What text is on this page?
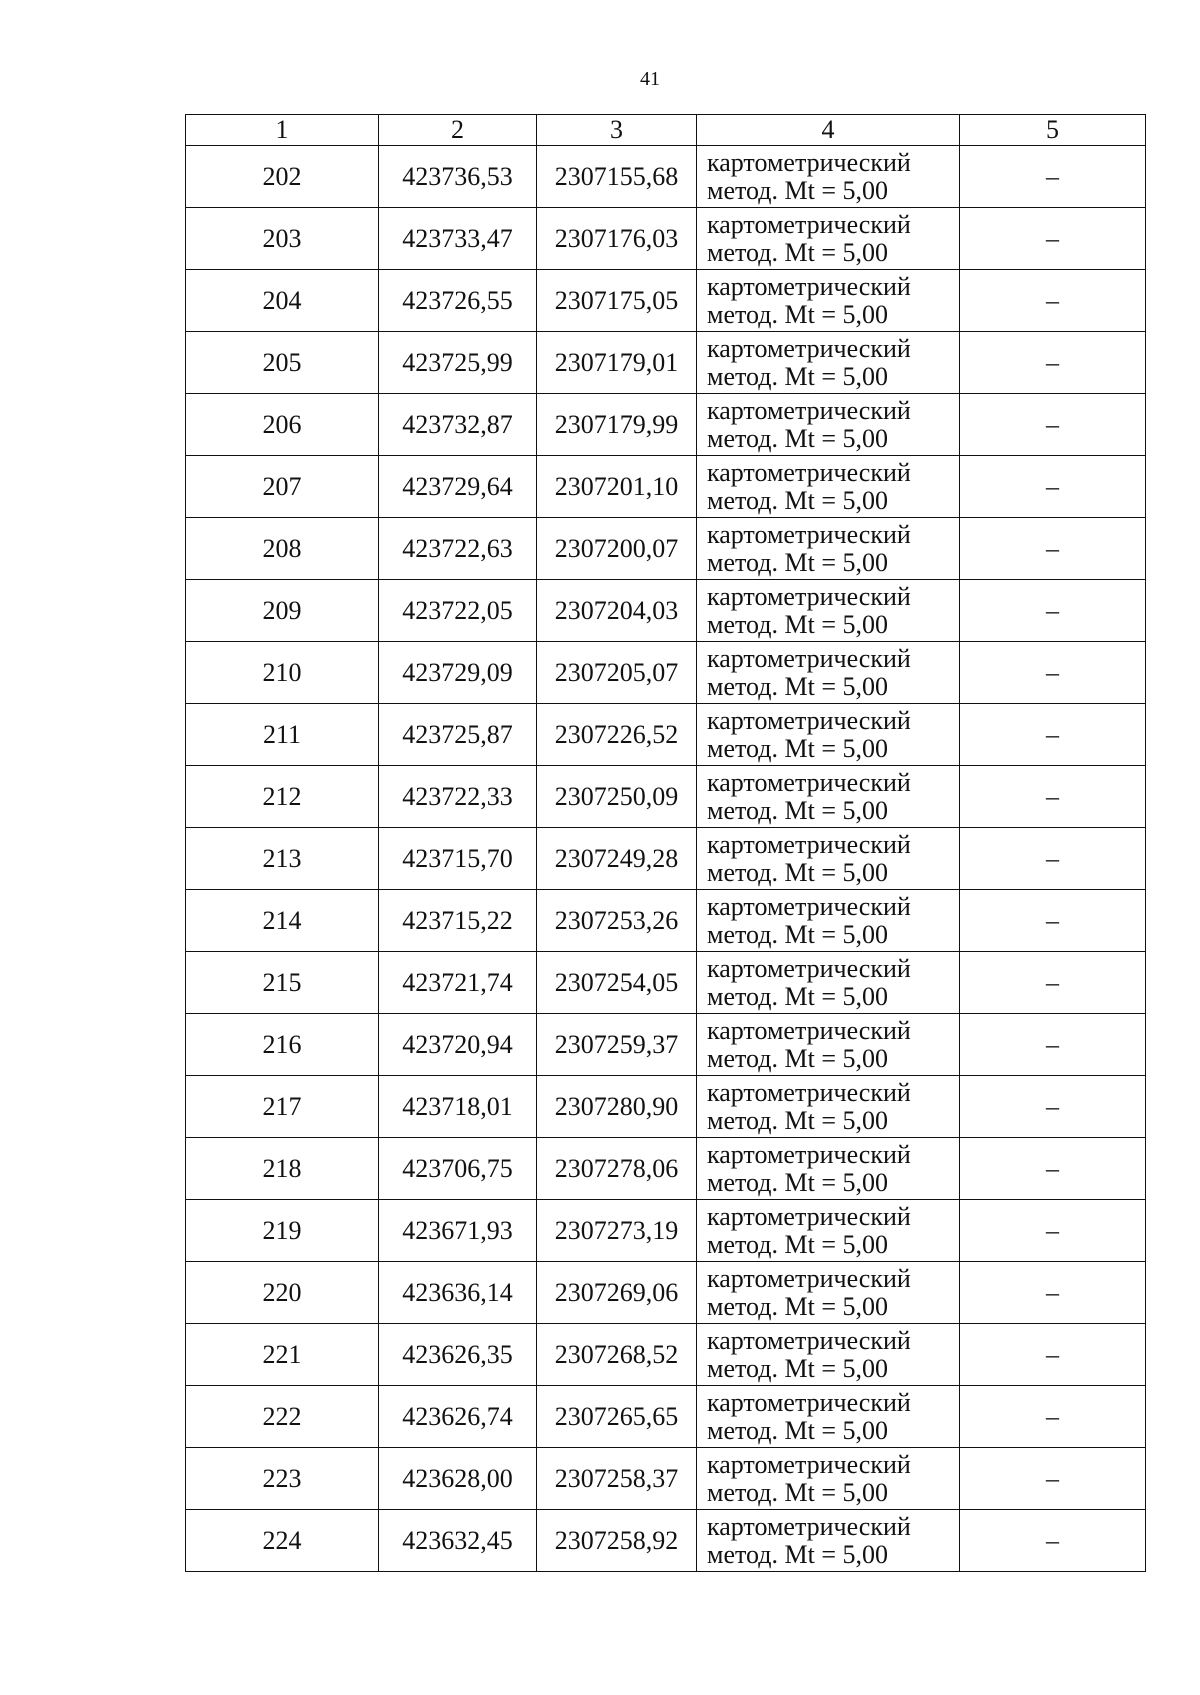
41
1	2	3	4	5
202	423736,53	2307155,68	картометрический
метод. Mt = 5,00	–
203	423733,47	2307176,03	картометрический
метод. Mt = 5,00	–
204	423726,55	2307175,05	картометрический
метод. Mt = 5,00	–
205	423725,99	2307179,01	картометрический
метод. Mt = 5,00	–
206	423732,87	2307179,99	картометрический
метод. Mt = 5,00	–
207	423729,64	2307201,10	картометрический
метод. Mt = 5,00	–
208	423722,63	2307200,07	картометрический
метод. Mt = 5,00	–
209	423722,05	2307204,03	картометрический
метод. Mt = 5,00	–
210	423729,09	2307205,07	картометрический
метод. Mt = 5,00	–
211	423725,87	2307226,52	картометрический
метод. Mt = 5,00	–
212	423722,33	2307250,09	картометрический
метод. Mt = 5,00	–
213	423715,70	2307249,28	картометрический
метод. Mt = 5,00	–
214	423715,22	2307253,26	картометрический
метод. Mt = 5,00	–
215	423721,74	2307254,05	картометрический
метод. Mt = 5,00	–
216	423720,94	2307259,37	картометрический
метод. Mt = 5,00	–
217	423718,01	2307280,90	картометрический
метод. Mt = 5,00	–
218	423706,75	2307278,06	картометрический
метод. Mt = 5,00	–
219	423671,93	2307273,19	картометрический
метод. Mt = 5,00	–
220	423636,14	2307269,06	картометрический
метод. Mt = 5,00	–
221	423626,35	2307268,52	картометрический
метод. Mt = 5,00	–
222	423626,74	2307265,65	картометрический
метод. Mt = 5,00	–
223	423628,00	2307258,37	картометрический
метод. Mt = 5,00	–
224	423632,45	2307258,92	картометрический
метод. Mt = 5,00	–
